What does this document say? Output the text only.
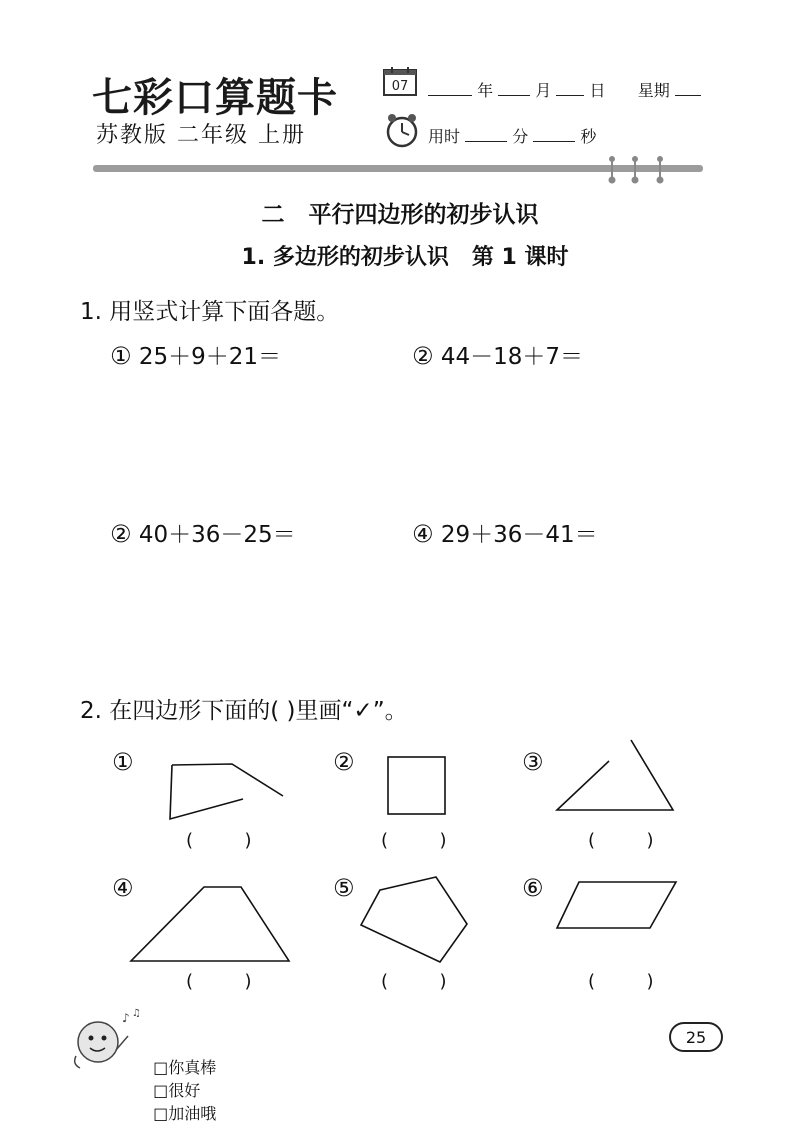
七彩口算题卡
苏教版 二年级 上册
07	年	月 日 星期
用时	分	秒
二   平行四边形的初步认识
1. 多边形的初步认识   第 1 课时
1. 用竖式计算下面各题。
① 25＋9＋21＝	② 44－18＋7＝
② 40＋36－25＝	④ 29＋36－41＝
2. 在四边形下面的( )里画“✓”。
①	②	③
④	⑤	⑥
(         )	(         )	(         )
(         )	(         )	(         )
♪ ♫

□你真棒
□很好
□加油哦

25
